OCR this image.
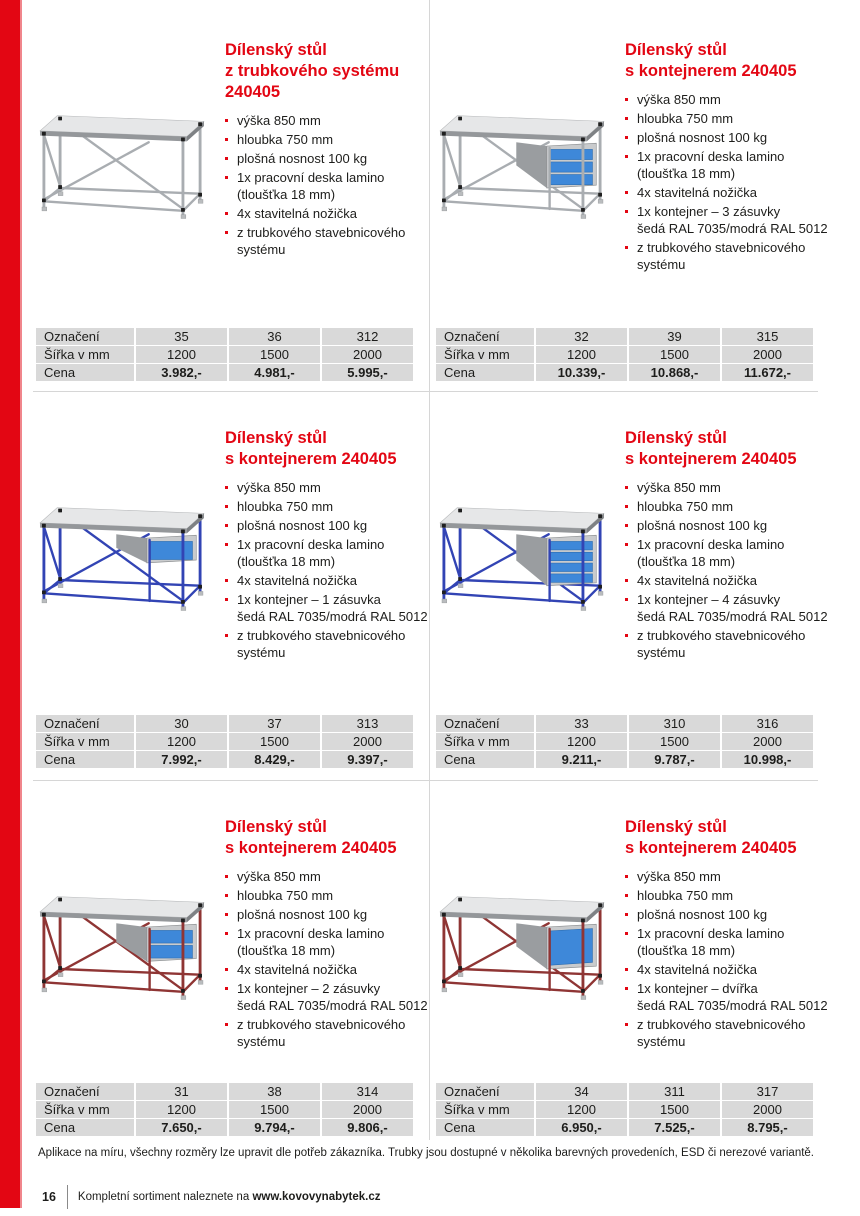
Dílenský stůl
z trubkového systému
240405
výška 850 mm
hloubka 750 mm
plošná nosnost 100 kg
1x pracovní deska lamino
(tloušťka 18 mm)
4x stavitelná nožička
z trubkového stavebnicového
systému
Označení	35	36	312
Šířka v mm	1200	1500	2000
Cena	3.982,-	4.981,-	5.995,-
Dílenský stůl
s kontejnerem 240405
výška 850 mm
hloubka 750 mm
plošná nosnost 100 kg
1x pracovní deska lamino
(tloušťka 18 mm)
4x stavitelná nožička
1x kontejner – 3 zásuvky
šedá RAL 7035/modrá RAL 5012
z trubkového stavebnicového
systému
Označení	32	39	315
Šířka v mm	1200	1500	2000
Cena	10.339,-	10.868,-	11.672,-
Dílenský stůl
s kontejnerem 240405
výška 850 mm
hloubka 750 mm
plošná nosnost 100 kg
1x pracovní deska lamino
(tloušťka 18 mm)
4x stavitelná nožička
1x kontejner – 1 zásuvka
šedá RAL 7035/modrá RAL 5012
z trubkového stavebnicového
systému
Označení	30	37	313
Šířka v mm	1200	1500	2000
Cena	7.992,-	8.429,-	9.397,-
Dílenský stůl
s kontejnerem 240405
výška 850 mm
hloubka 750 mm
plošná nosnost 100 kg
1x pracovní deska lamino
(tloušťka 18 mm)
4x stavitelná nožička
1x kontejner – 4 zásuvky
šedá RAL 7035/modrá RAL 5012
z trubkového stavebnicového
systému
Označení	33	310	316
Šířka v mm	1200	1500	2000
Cena	9.211,-	9.787,-	10.998,-
Dílenský stůl
s kontejnerem 240405
výška 850 mm
hloubka 750 mm
plošná nosnost 100 kg
1x pracovní deska lamino
(tloušťka 18 mm)
4x stavitelná nožička
1x kontejner – 2 zásuvky
šedá RAL 7035/modrá RAL 5012
z trubkového stavebnicového
systému
Označení	31	38	314
Šířka v mm	1200	1500	2000
Cena	7.650,-	9.794,-	9.806,-
Dílenský stůl
s kontejnerem 240405
výška 850 mm
hloubka 750 mm
plošná nosnost 100 kg
1x pracovní deska lamino
(tloušťka 18 mm)
4x stavitelná nožička
1x kontejner – dvířka
šedá RAL 7035/modrá RAL 5012
z trubkového stavebnicového
systému
Označení	34	311	317
Šířka v mm	1200	1500	2000
Cena	6.950,-	7.525,-	8.795,-
Aplikace na míru, všechny rozměry lze upravit dle potřeb zákazníka. Trubky jsou dostupné v několika barevných provedeních, ESD či nerezové variantě.
16 Kompletní sortiment naleznete na
www.kovovynabytek.cz
